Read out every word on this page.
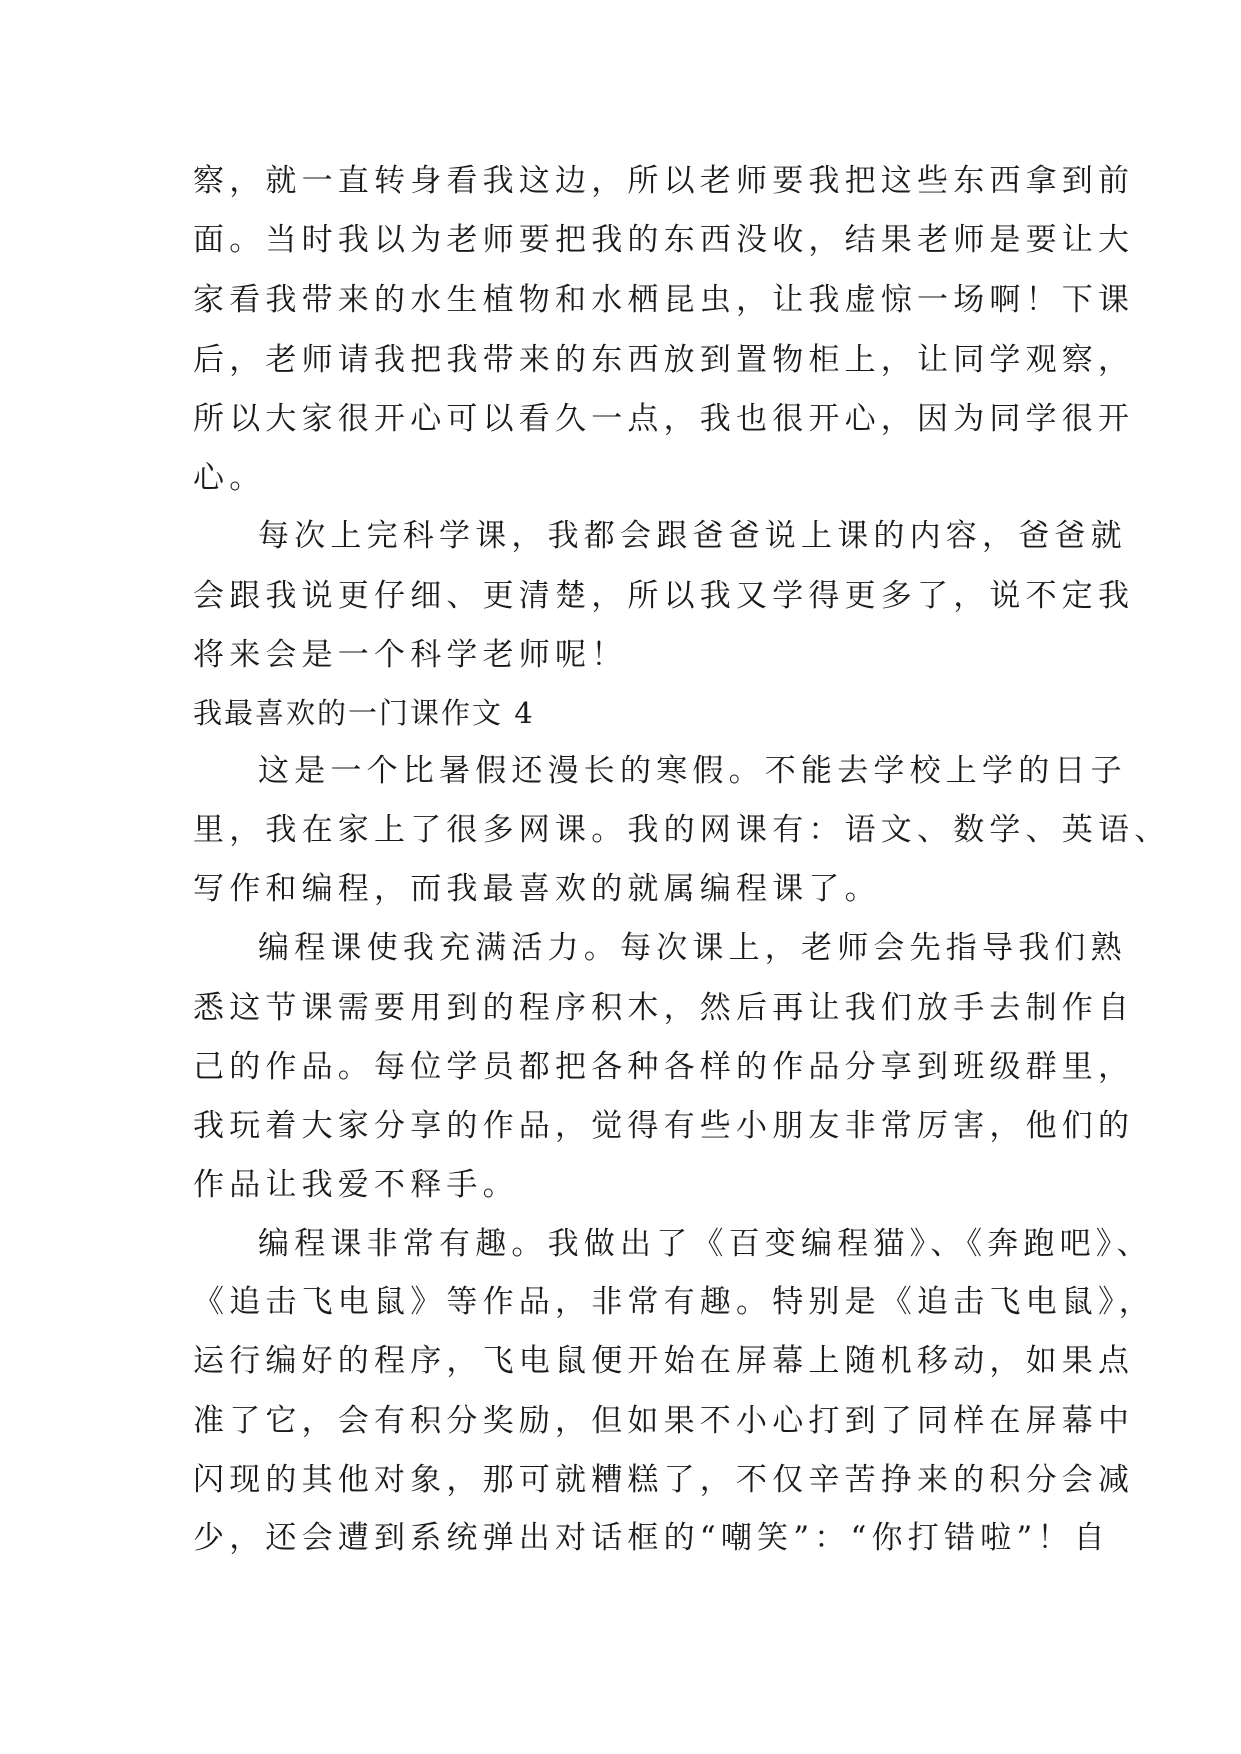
察，就一直转身看我这边，所以老师要我把这些东西拿到前
面。当时我以为老师要把我的东西没收，结果老师是要让大
家看我带来的水生植物和水栖昆虫，让我虚惊一场啊！下课
后，老师请我把我带来的东西放到置物柜上，让同学观察，
所以大家很开心可以看久一点，我也很开心，因为同学很开
心。
每次上完科学课，我都会跟爸爸说上课的内容，爸爸就
会跟我说更仔细、更清楚，所以我又学得更多了，说不定我
将来会是一个科学老师呢！
我最喜欢的一门课作文 4
这是一个比暑假还漫长的寒假。不能去学校上学的日子
里，我在家上了很多网课。我的网课有：语文、数学、英语、
写作和编程，而我最喜欢的就属编程课了。
编程课使我充满活力。每次课上，老师会先指导我们熟
悉这节课需要用到的程序积木，然后再让我们放手去制作自
己的作品。每位学员都把各种各样的作品分享到班级群里，
我玩着大家分享的作品，觉得有些小朋友非常厉害，他们的
作品让我爱不释手。
编程课非常有趣。我做出了《百变编程猫》、《奔跑吧》、
《追击飞电鼠》等作品，非常有趣。特别是《追击飞电鼠》，
运行编好的程序，飞电鼠便开始在屏幕上随机移动，如果点
准了它，会有积分奖励，但如果不小心打到了同样在屏幕中
闪现的其他对象，那可就糟糕了，不仅辛苦挣来的积分会减
少，还会遭到系统弹出对话框的“嘲笑”：“你打错啦”！自
